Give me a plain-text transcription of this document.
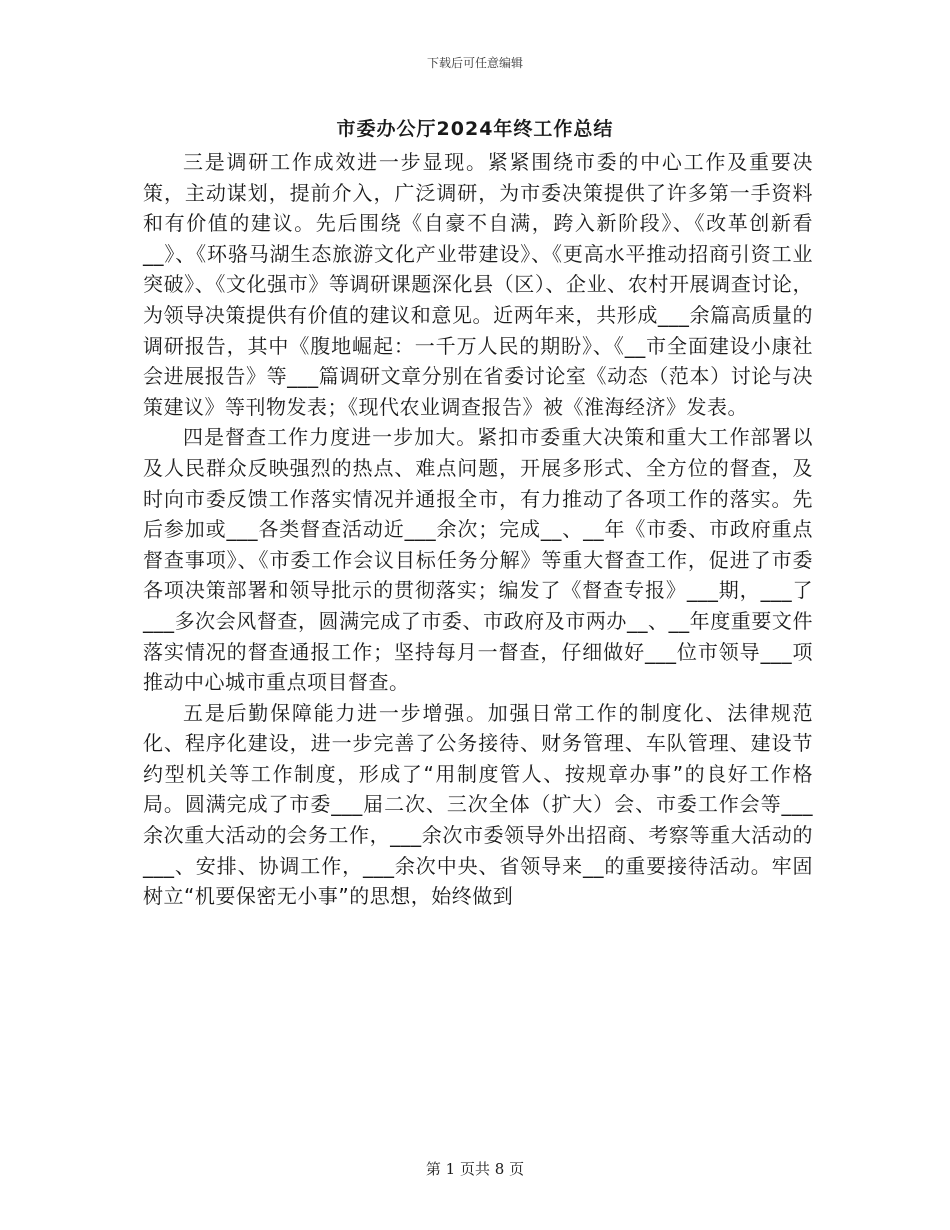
下载后可任意编辑
市委办公厅2024年终工作总结

三是调研工作成效进一步显现。紧紧围绕市委的中心工作及重要决策，主动谋划，提前介入，广泛调研，为市委决策提供了许多第一手资料和有价值的建议。先后围绕《自豪不自满，跨入新阶段》、《改革创新看__》、《环骆马湖生态旅游文化产业带建设》、《更高水平推动招商引资工业突破》、《文化强市》等调研课题深化县（区）、企业、农村开展调查讨论，为领导决策提供有价值的建议和意见。近两年来，共形成___余篇高质量的调研报告，其中《腹地崛起：一千万人民的期盼》、《__市全面建设小康社会进展报告》等___篇调研文章分别在省委讨论室《动态（范本）讨论与决策建议》等刊物发表；《现代农业调查报告》被《淮海经济》发表。

四是督查工作力度进一步加大。紧扣市委重大决策和重大工作部署以及人民群众反映强烈的热点、难点问题，开展多形式、全方位的督查，及时向市委反馈工作落实情况并通报全市，有力推动了各项工作的落实。先后参加或___各类督查活动近___余次；完成__、__年《市委、市政府重点督查事项》、《市委工作会议目标任务分解》等重大督查工作，促进了市委各项决策部署和领导批示的贯彻落实；编发了《督查专报》___期，___了___多次会风督查，圆满完成了市委、市政府及市两办__、__年度重要文件落实情况的督查通报工作；坚持每月一督查，仔细做好___位市领导___项推动中心城市重点项目督查。

五是后勤保障能力进一步增强。加强日常工作的制度化、法律规范化、程序化建设，进一步完善了公务接待、财务管理、车队管理、建设节约型机关等工作制度，形成了“用制度管人、按规章办事”的良好工作格局。圆满完成了市委___届二次、三次全体（扩大）会、市委工作会等___余次重大活动的会务工作，___余次市委领导外出招商、考察等重大活动的___、安排、协调工作，___余次中央、省领导来__的重要接待活动。牢固树立“机要保密无小事”的思想，始终做到

第 1 页共 8 页
